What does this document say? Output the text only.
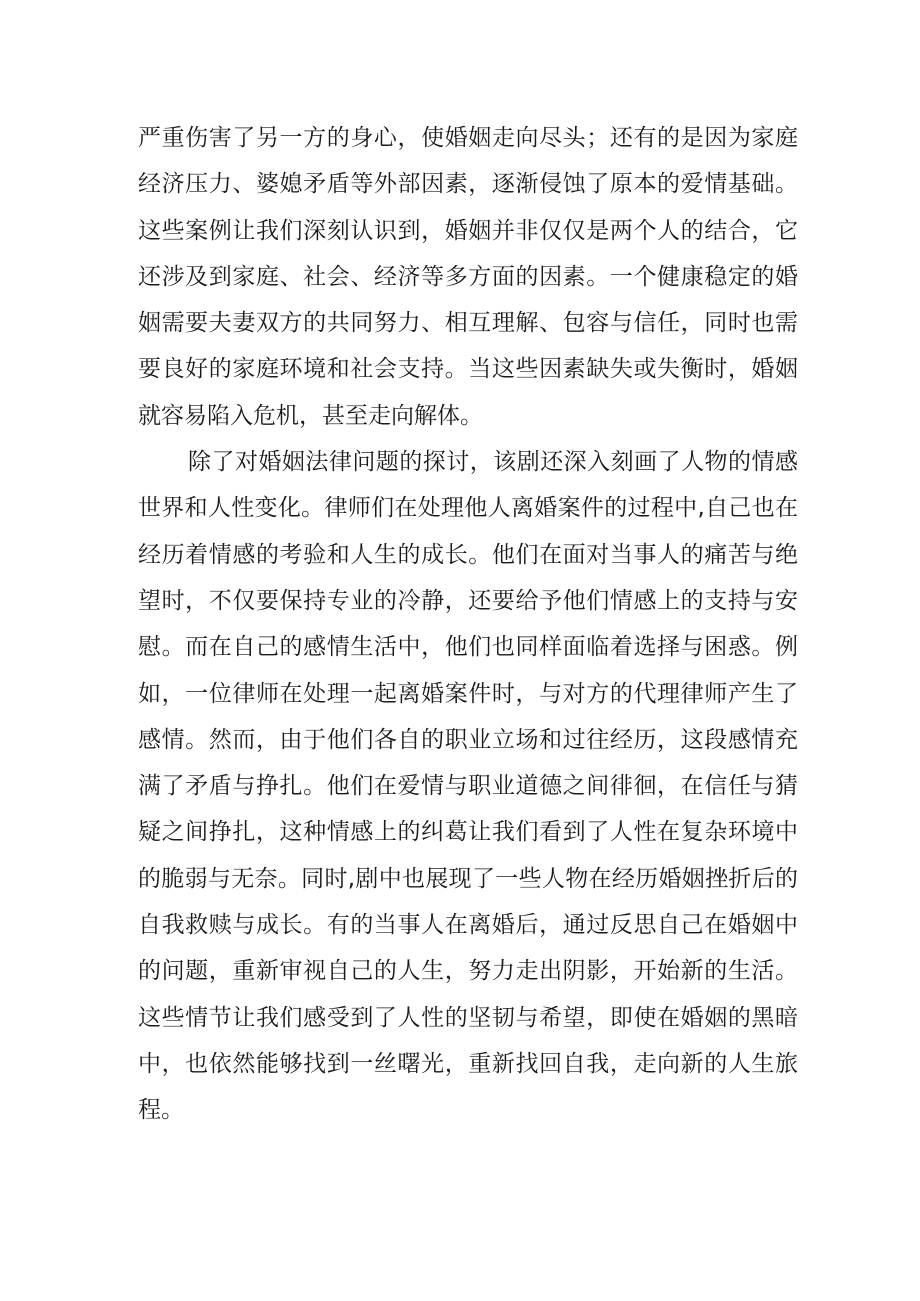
严重伤害了另一方的身心，使婚姻走向尽头；还有的是因为家庭
经济压力、婆媳矛盾等外部因素，逐渐侵蚀了原本的爱情基础。
这些案例让我们深刻认识到，婚姻并非仅仅是两个人的结合，它
还涉及到家庭、社会、经济等多方面的因素。一个健康稳定的婚
姻需要夫妻双方的共同努力、相互理解、包容与信任，同时也需
要良好的家庭环境和社会支持。当这些因素缺失或失衡时，婚姻
就容易陷入危机，甚至走向解体。
除了对婚姻法律问题的探讨，该剧还深入刻画了人物的情感
世界和人性变化。律师们在处理他人离婚案件的过程中,自己也在
经历着情感的考验和人生的成长。他们在面对当事人的痛苦与绝
望时，不仅要保持专业的冷静，还要给予他们情感上的支持与安
慰。而在自己的感情生活中，他们也同样面临着选择与困惑。例
如，一位律师在处理一起离婚案件时，与对方的代理律师产生了
感情。然而，由于他们各自的职业立场和过往经历，这段感情充
满了矛盾与挣扎。他们在爱情与职业道德之间徘徊，在信任与猜
疑之间挣扎，这种情感上的纠葛让我们看到了人性在复杂环境中
的脆弱与无奈。同时,剧中也展现了一些人物在经历婚姻挫折后的
自我救赎与成长。有的当事人在离婚后，通过反思自己在婚姻中
的问题，重新审视自己的人生，努力走出阴影，开始新的生活。
这些情节让我们感受到了人性的坚韧与希望，即使在婚姻的黑暗
中，也依然能够找到一丝曙光，重新找回自我，走向新的人生旅
程。
